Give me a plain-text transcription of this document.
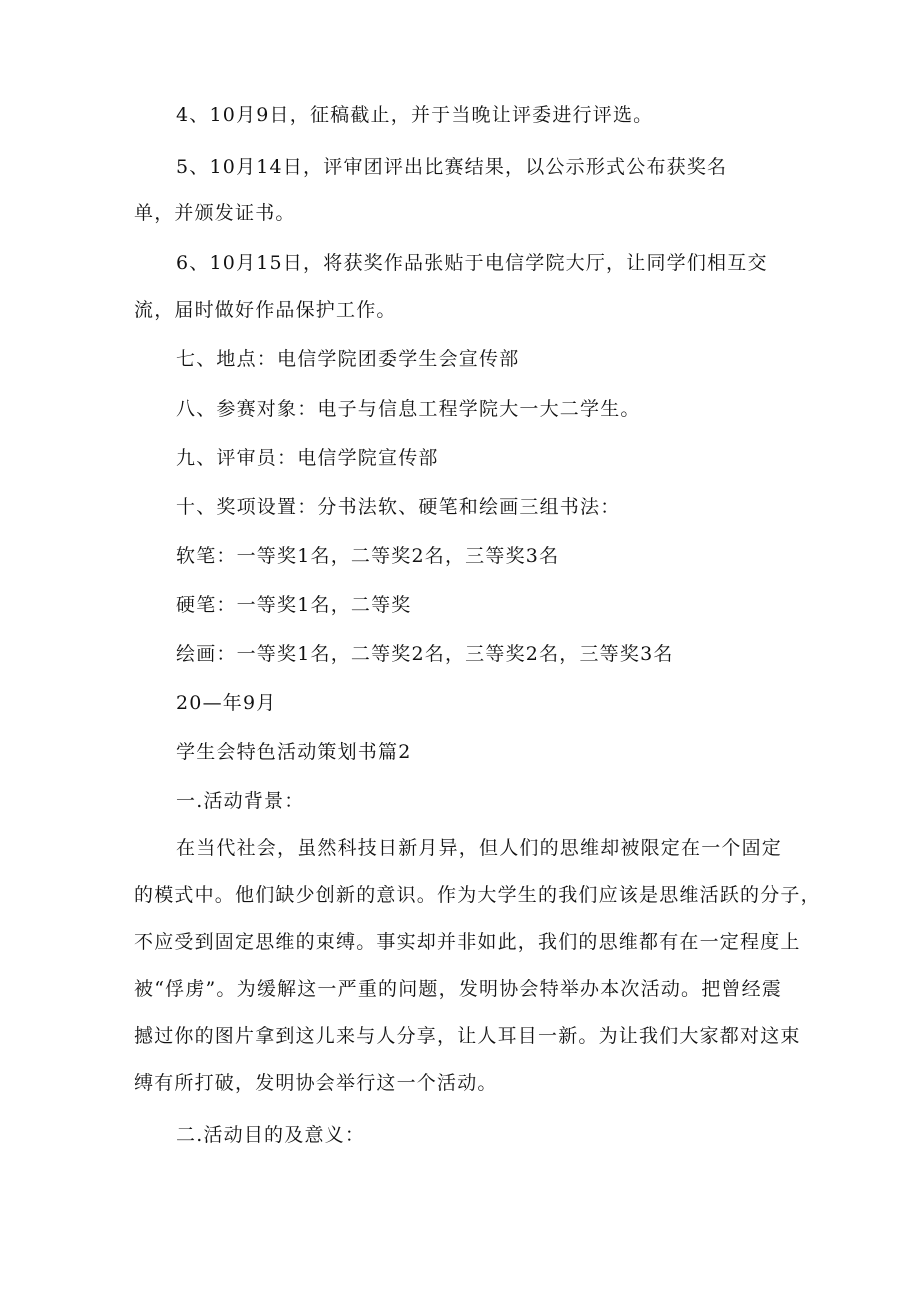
4、10月9日，征稿截止，并于当晚让评委进行评选。
5、10月14日，评审团评出比赛结果，以公示形式公布获奖名
单，并颁发证书。
6、10月15日，将获奖作品张贴于电信学院大厅，让同学们相互交
流，届时做好作品保护工作。
七、地点：电信学院团委学生会宣传部
八、参赛对象：电子与信息工程学院大一大二学生。
九、评审员：电信学院宣传部
十、奖项设置：分书法软、硬笔和绘画三组书法：
软笔：一等奖1名，二等奖2名，三等奖3名
硬笔：一等奖1名，二等奖
绘画：一等奖1名，二等奖2名，三等奖2名，三等奖3名
20—年9月
学生会特色活动策划书篇2
一.活动背景：
在当代社会，虽然科技日新月异，但人们的思维却被限定在一个固定
的模式中。他们缺少创新的意识。作为大学生的我们应该是思维活跃的分子，
不应受到固定思维的束缚。事实却并非如此，我们的思维都有在一定程度上
被“俘虏”。为缓解这一严重的问题，发明协会特举办本次活动。把曾经震
撼过你的图片拿到这儿来与人分享，让人耳目一新。为让我们大家都对这束
缚有所打破，发明协会举行这一个活动。
二.活动目的及意义：
